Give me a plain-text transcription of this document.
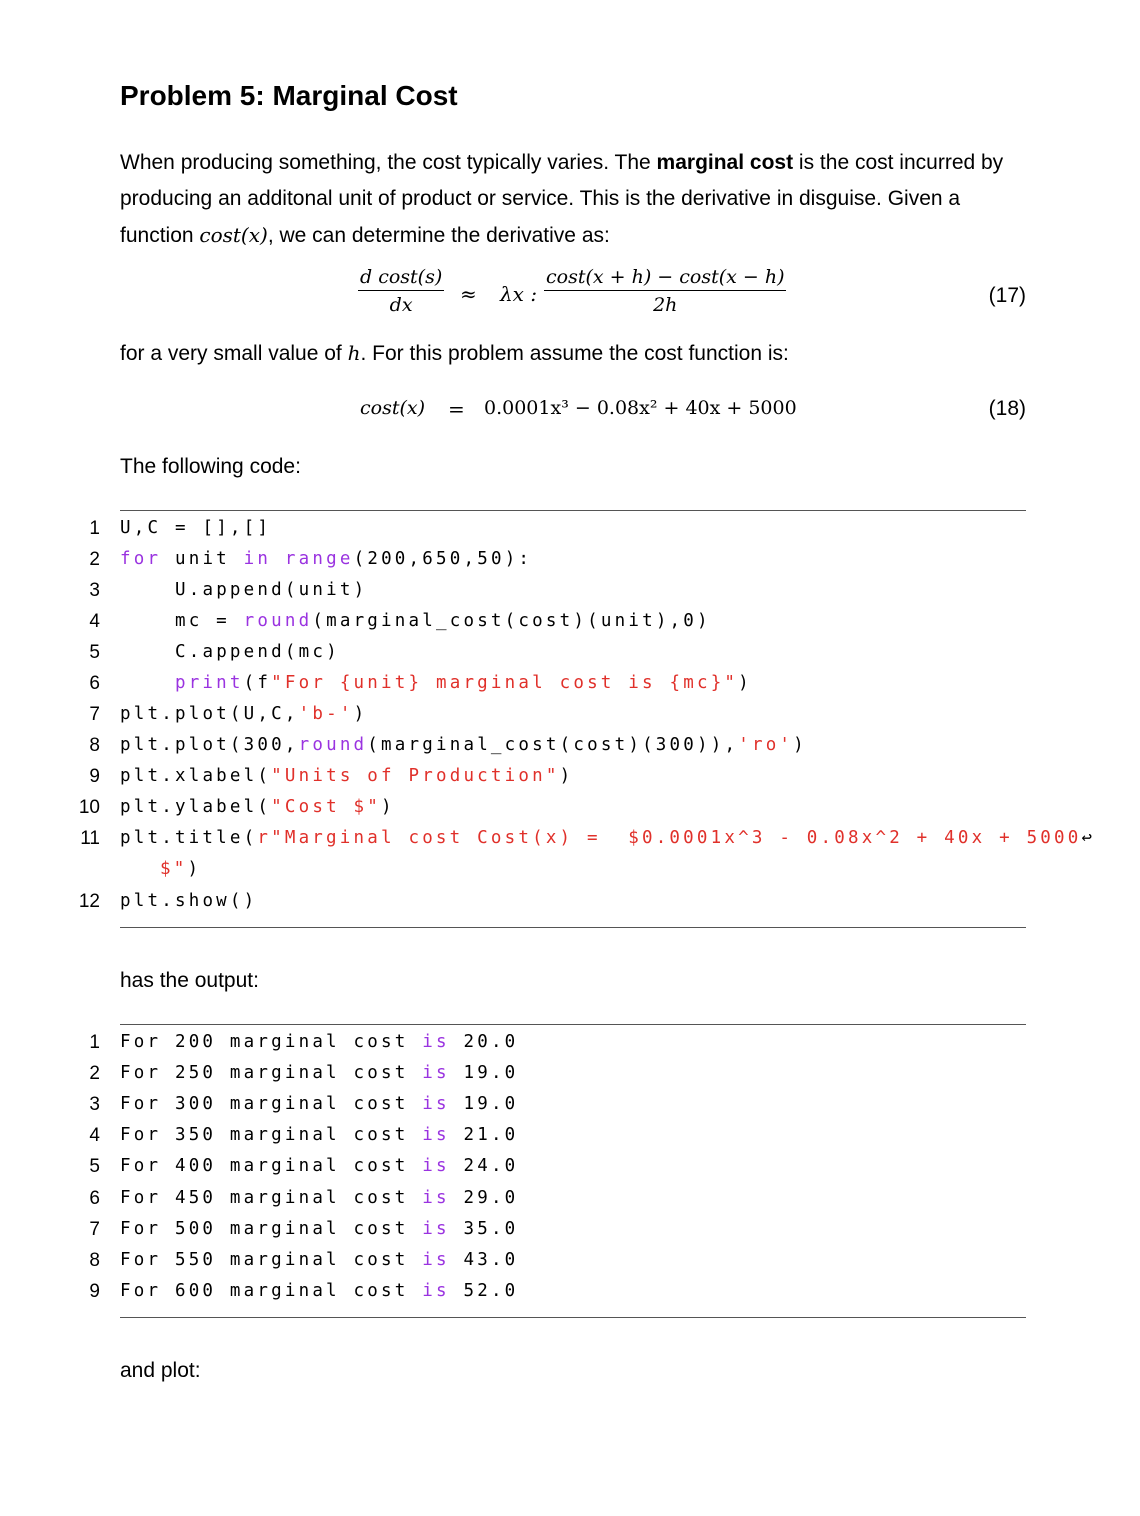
Problem 5: Marginal Cost
When producing something, the cost typically varies. The marginal cost is the cost incurred by producing an additonal unit of product or service. This is the derivative in disguise. Given a function cost(x), we can determine the derivative as:
$\frac{\text{d cost(s)}}{dx} \approx \lambda x$ : $\frac{\cos t(x + h) - \cos t(x - h)}{2h}$	(17)
for a very small value of h. For this problem assume the cost function is:
cost(x) = 0.0001x³ − 0.08x² + 40x + 5000	(18)
The following code:
1 U,C = [],[]
2 for unit in range(200,650,50):
3	U.append(unit)
4	mc = round(marginal_cost(cost)(unit),0)
5	C.append(mc)
6	print(f"For {unit} marginal cost is {mc}")
7 plt.plot(U,C,'b-')
8 plt.plot(300,round(marginal_cost(cost)(300)),'ro')
9 plt.xlabel("Units of Production")
10 plt.ylabel("Cost $")
11 plt.title(r"Marginal cost Cost(x) =  $0.0001x^3 - 0.08x^2 + 40x + 5000↩
$")
12 plt.show()
has the output:
1 For 200 marginal cost is 20.0
2 For 250 marginal cost is 19.0
3 For 300 marginal cost is 19.0
4 For 350 marginal cost is 21.0
5 For 400 marginal cost is 24.0
6 For 450 marginal cost is 29.0
7 For 500 marginal cost is 35.0
8 For 550 marginal cost is 43.0
9 For 600 marginal cost is 52.0
and plot:
